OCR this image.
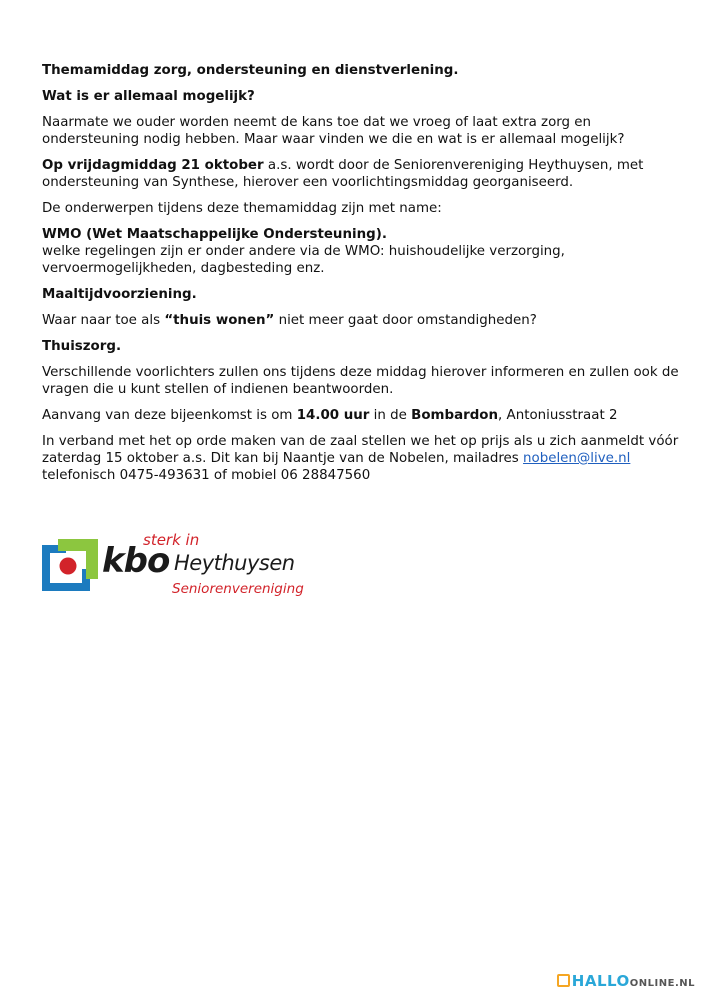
Themamiddag zorg, ondersteuning en dienstverlening.

Wat is er allemaal mogelijk?

Naarmate we ouder worden neemt de kans toe dat we vroeg of laat extra zorg en ondersteuning nodig hebben. Maar waar vinden we die en wat is er allemaal mogelijk?

Op vrijdagmiddag 21 oktober a.s. wordt door de Seniorenvereniging Heythuysen, met ondersteuning van Synthese, hierover een voorlichtingsmiddag georganiseerd.

De onderwerpen tijdens deze themamiddag zijn met name:

WMO (Wet Maatschappelijke Ondersteuning).
welke regelingen zijn er onder andere via de WMO: huishoudelijke verzorging, vervoermogelijkheden, dagbesteding enz.

Maaltijdvoorziening.

Waar naar toe als “thuis wonen” niet meer gaat door omstandigheden?

Thuiszorg.

Verschillende voorlichters zullen ons tijdens deze middag hierover informeren en zullen ook de vragen die u kunt stellen of indienen beantwoorden.

Aanvang van deze bijeenkomst is om 14.00 uur in de Bombardon, Antoniusstraat 2

In verband met het op orde maken van de zaal stellen we het op prijs als u zich aanmeldt vóór zaterdag 15 oktober a.s. Dit kan bij Naantje van de Nobelen, mailadres nobelen@live.nl
telefonisch 0475-493631 of mobiel 06 28847560

sterk in
kbo Heythuysen
Seniorenvereniging
HALLOONLINE.NL
